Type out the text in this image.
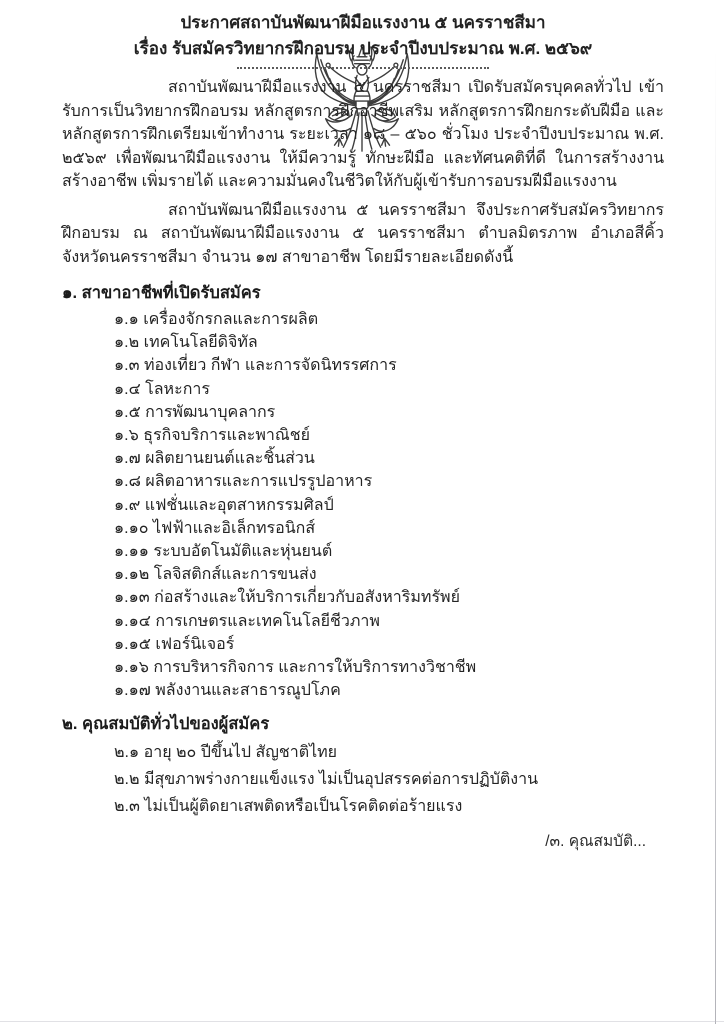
ประกาศสถาบันพัฒนาฝีมือแรงงาน ๕ นครราชสีมา
เรื่อง รับสมัครวิทยากรฝึกอบรม ประจำปีงบประมาณ พ.ศ. ๒๕๖๙
สถาบันพัฒนาฝีมือแรงงาน ๕ นครราชสีมา เปิดรับสมัครบุคคลทั่วไป เข้ารับการเป็นวิทยากรฝึกอบรม หลักสูตรการฝึกอาชีพเสริม หลักสูตรการฝึกยกระดับฝีมือ และหลักสูตรการฝึกเตรียมเข้าทำงาน ระยะเวลา ๑๘ – ๕๖๐ ชั่วโมง ประจำปีงบประมาณ พ.ศ. ๒๕๖๙ เพื่อพัฒนาฝีมือแรงงาน ให้มีความรู้ ทักษะฝีมือ และทัศนคติที่ดี ในการสร้างงาน สร้างอาชีพ เพิ่มรายได้ และความมั่นคงในชีวิตให้กับผู้เข้ารับการอบรมฝีมือแรงงาน
สถาบันพัฒนาฝีมือแรงงาน ๕ นครราชสีมา จึงประกาศรับสมัครวิทยากรฝึกอบรม ณ สถาบันพัฒนาฝีมือแรงงาน ๕ นครราชสีมา ตำบลมิตรภาพ อำเภอสีคิ้ว จังหวัดนครราชสีมา จำนวน ๑๗ สาขาอาชีพ โดยมีรายละเอียดดังนี้
๑. สาขาอาชีพที่เปิดรับสมัคร
๑.๑ เครื่องจักรกลและการผลิต
๑.๒ เทคโนโลยีดิจิทัล
๑.๓ ท่องเที่ยว กีฬา และการจัดนิทรรศการ
๑.๔ โลหะการ
๑.๕ การพัฒนาบุคลากร
๑.๖ ธุรกิจบริการและพาณิชย์
๑.๗ ผลิตยานยนต์และชิ้นส่วน
๑.๘ ผลิตอาหารและการแปรรูปอาหาร
๑.๙ แฟชั่นและอุตสาหกรรมศิลป์
๑.๑๐ ไฟฟ้าและอิเล็กทรอนิกส์
๑.๑๑ ระบบอัตโนมัติและหุ่นยนต์
๑.๑๒ โลจิสติกส์และการขนส่ง
๑.๑๓ ก่อสร้างและให้บริการเกี่ยวกับอสังหาริมทรัพย์
๑.๑๔ การเกษตรและเทคโนโลยีชีวภาพ
๑.๑๕ เฟอร์นิเจอร์
๑.๑๖ การบริหารกิจการ และการให้บริการทางวิชาชีพ
๑.๑๗ พลังงานและสาธารณูปโภค
๒. คุณสมบัติทั่วไปของผู้สมัคร
๒.๑ อายุ ๒๐ ปีขึ้นไป สัญชาติไทย
๒.๒ มีสุขภาพร่างกายแข็งแรง ไม่เป็นอุปสรรคต่อการปฏิบัติงาน
๒.๓ ไม่เป็นผู้ติดยาเสพติดหรือเป็นโรคติดต่อร้ายแรง
/๓. คุณสมบัติ...
